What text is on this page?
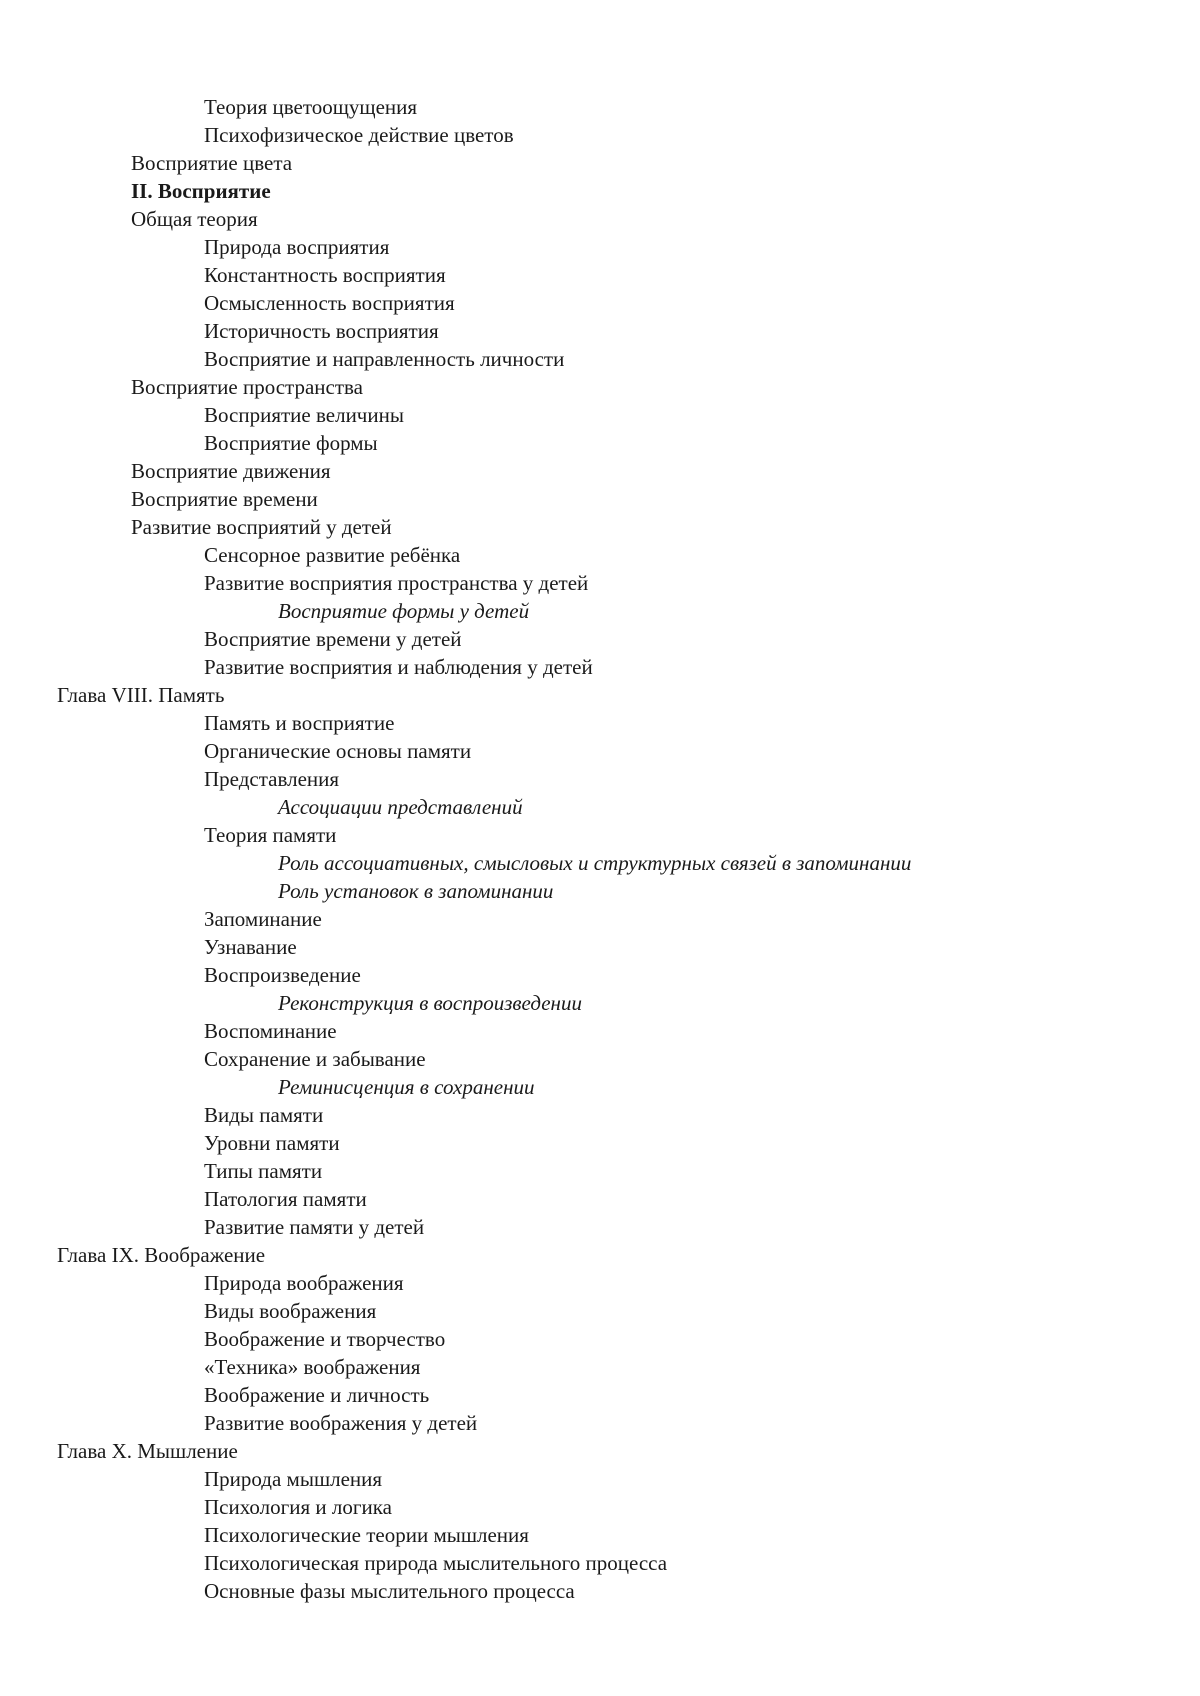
Теория цветоощущения
Психофизическое действие цветов
Восприятие цвета
II. Восприятие
Общая теория
Природа восприятия
Константность восприятия
Осмысленность восприятия
Историчность восприятия
Восприятие и направленность личности
Восприятие пространства
Восприятие величины
Восприятие формы
Восприятие движения
Восприятие времени
Развитие восприятий у детей
Сенсорное развитие ребёнка
Развитие восприятия пространства у детей
Восприятие формы у детей
Восприятие времени у детей
Развитие восприятия и наблюдения у детей
Глава VIII. Память
Память и восприятие
Органические основы памяти
Представления
Ассоциации представлений
Теория памяти
Роль ассоциативных, смысловых и структурных связей в запоминании
Роль установок в запоминании
Запоминание
Узнавание
Воспроизведение
Реконструкция в воспроизведении
Воспоминание
Сохранение и забывание
Реминисценция в сохранении
Виды памяти
Уровни памяти
Типы памяти
Патология памяти
Развитие памяти у детей
Глава IX. Воображение
Природа воображения
Виды воображения
Воображение и творчество
«Техника» воображения
Воображение и личность
Развитие воображения у детей
Глава X. Мышление
Природа мышления
Психология и логика
Психологические теории мышления
Психологическая природа мыслительного процесса
Основные фазы мыслительного процесса
